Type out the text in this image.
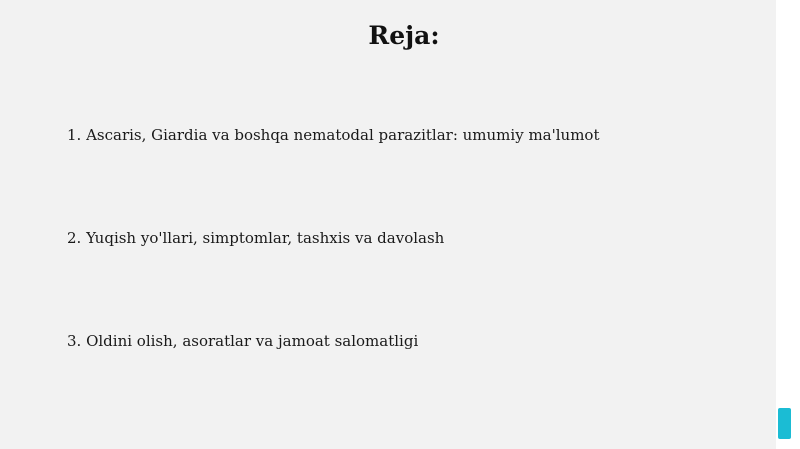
Reja:

1. Ascaris, Giardia va boshqa nematodal parazitlar: umumiy ma'lumot

2. Yuqish yo'llari, simptomlar, tashxis va davolash

3. Oldini olish, asoratlar va jamoat salomatligi
